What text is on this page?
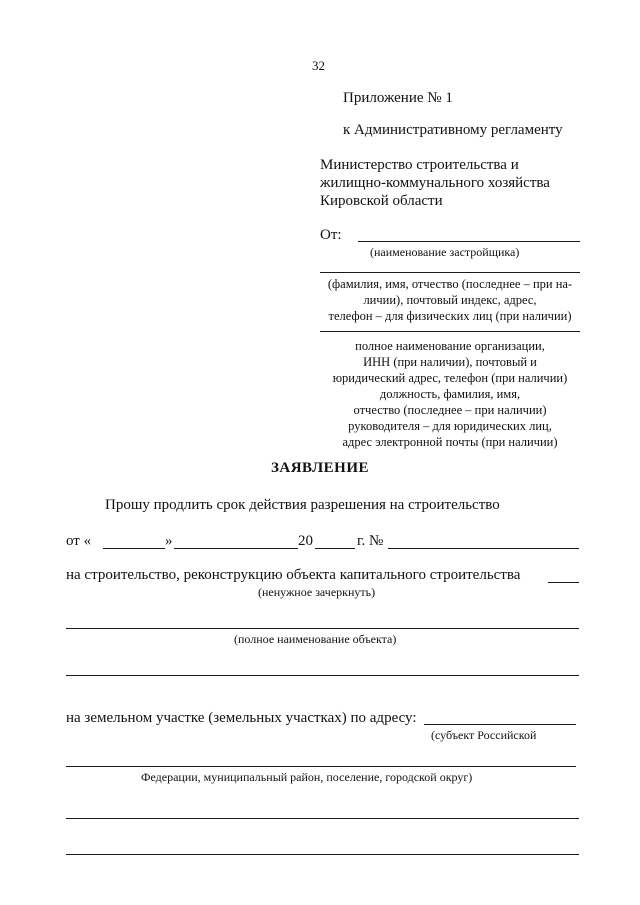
32
Приложение № 1
к Административному регламенту
Министерство строительства и
жилищно-коммунального хозяйства
Кировской области
От:
(наименование застройщика)
(фамилия, имя, отчество (последнее – при на-
личии), почтовый индекс, адрес,
телефон – для физических лиц (при наличии)
полное наименование организации,
ИНН (при наличии), почтовый и
юридический адрес, телефон (при наличии)
должность, фамилия, имя,
отчество (последнее – при наличии)
руководителя – для юридических лиц,
адрес электронной почты (при наличии)
ЗАЯВЛЕНИЕ
Прошу продлить срок действия разрешения на строительство
от «	»	20	г. №
на строительство, реконструкцию объекта капитального строительства
(ненужное зачеркнуть)
(полное наименование объекта)
на земельном участке (земельных участках) по адресу:
(субъект Российской
Федерации, муниципальный район, поселение, городской округ)
